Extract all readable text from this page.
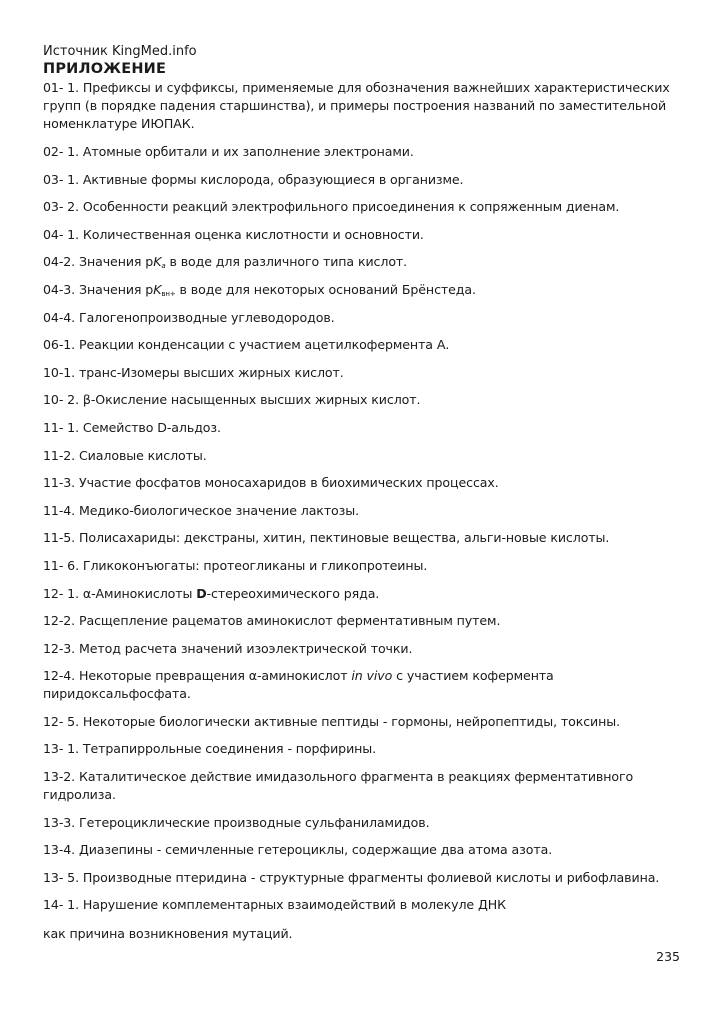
Источник KingMed.info

ПРИЛОЖЕНИЕ

01- 1. Префиксы и суффиксы, применяемые для обозначения важнейших характеристических групп (в порядке падения старшинства), и примеры построения названий по заместительной номенклатуре ИЮПАК.

02- 1. Атомные орбитали и их заполнение электронами.

03- 1. Активные формы кислорода, образующиеся в организме.

03- 2. Особенности реакций электрофильного присоединения к сопряженным диенам.

04- 1. Количественная оценка кислотности и основности.

04-2. Значения $pK_a$ в воде для различного типа кислот.

04-3. Значения $pK_{вн+}$ в воде для некоторых оснований Брёнстеда.

04-4. Галогенопроизводные углеводородов.

06-1. Реакции конденсации с участием ацетилкофермента А.

10-1. транс-Изомеры высших жирных кислот.

10- 2. β-Окисление насыщенных высших жирных кислот.

11- 1. Семейство D-альдоз.

11-2. Сиаловые кислоты.

11-3. Участие фосфатов моносахаридов в биохимических процессах.

11-4. Медико-биологическое значение лактозы.

11-5. Полисахариды: декстраны, хитин, пектиновые вещества, альги-новые кислоты.

11- 6. Гликоконъюгаты: протеогликаны и гликопротеины.

12- 1. α-Аминокислоты D-стереохимического ряда.

12-2. Расщепление рацематов аминокислот ферментативным путем.

12-3. Метод расчета значений изоэлектрической точки.

12-4. Некоторые превращения α-аминокислот in vivo с участием кофермента пиридоксальфосфата.

12- 5. Некоторые биологически активные пептиды - гормоны, нейропептиды, токсины.

13- 1. Тетрапиррольные соединения - порфирины.

13-2. Каталитическое действие имидазольного фрагмента в реакциях ферментативного гидролиза.

13-3. Гетероциклические производные сульфаниламидов.

13-4. Диазепины - семичленные гетероциклы, содержащие два атома азота.

13- 5. Производные птеридина - структурные фрагменты фолиевой кислоты и рибофлавина.

14- 1. Нарушение комплементарных взаимодействий в молекуле ДНК

как причина возникновения мутаций.

235
